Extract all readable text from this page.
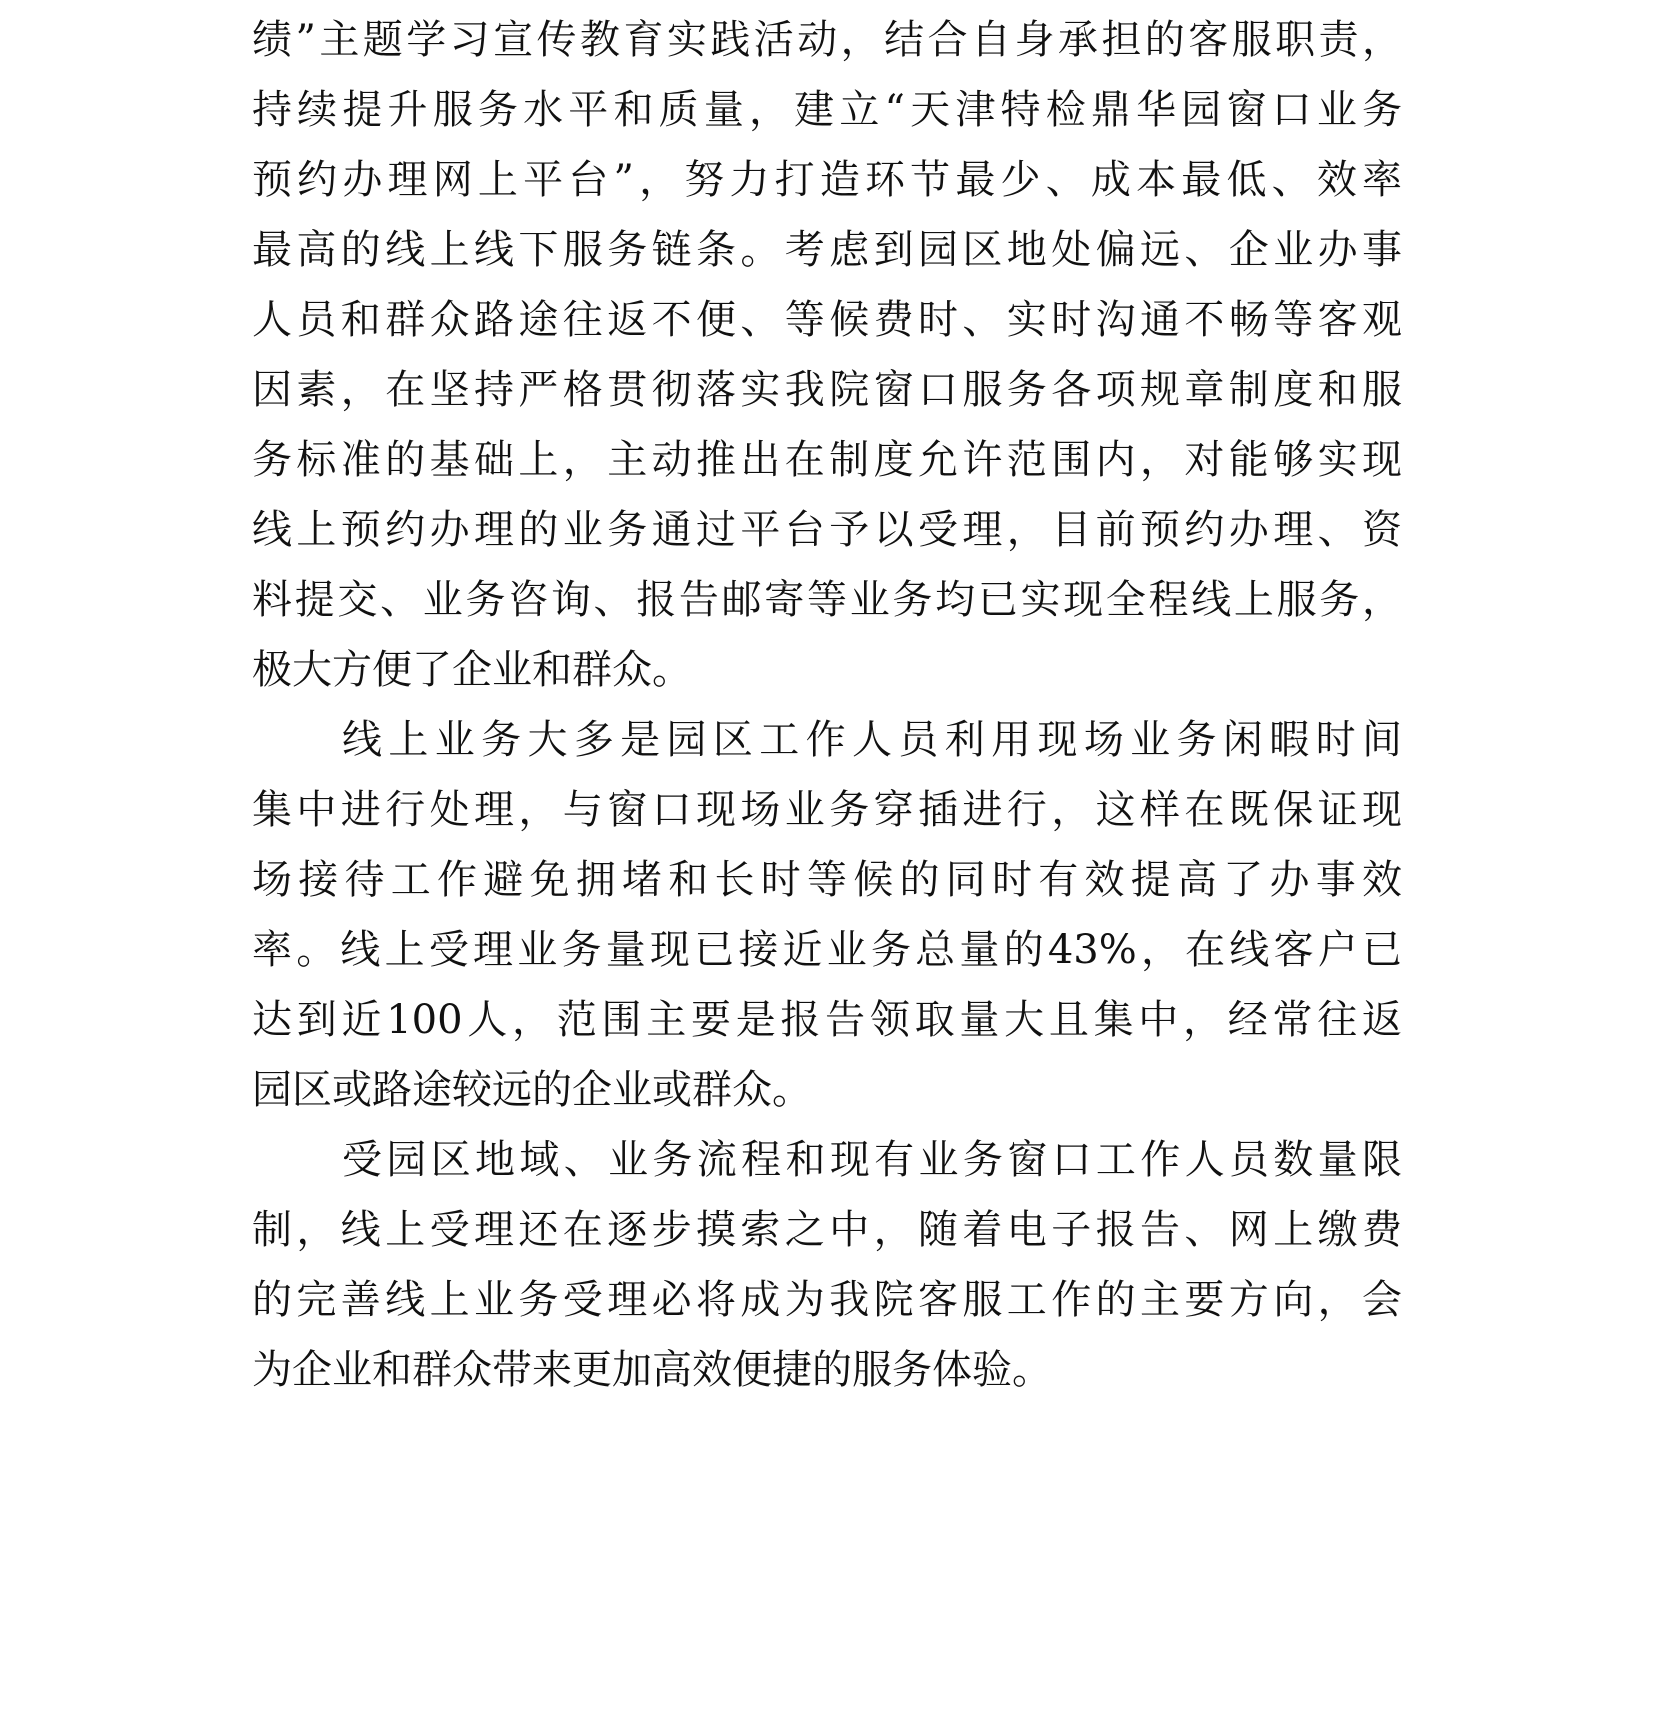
绩”主题学习宣传教育实践活动，结合自身承担的客服职责，
持续提升服务水平和质量，建立“天津特检鼎华园窗口业务
预约办理网上平台”，努力打造环节最少、成本最低、效率
最高的线上线下服务链条。考虑到园区地处偏远、企业办事
人员和群众路途往返不便、等候费时、实时沟通不畅等客观
因素，在坚持严格贯彻落实我院窗口服务各项规章制度和服
务标准的基础上，主动推出在制度允许范围内，对能够实现
线上预约办理的业务通过平台予以受理，目前预约办理、资
料提交、业务咨询、报告邮寄等业务均已实现全程线上服务，
极大方便了企业和群众。
线上业务大多是园区工作人员利用现场业务闲暇时间
集中进行处理，与窗口现场业务穿插进行，这样在既保证现
场接待工作避免拥堵和长时等候的同时有效提高了办事效
率。线上受理业务量现已接近业务总量的43%，在线客户已
达到近100人，范围主要是报告领取量大且集中，经常往返
园区或路途较远的企业或群众。
受园区地域、业务流程和现有业务窗口工作人员数量限
制，线上受理还在逐步摸索之中，随着电子报告、网上缴费
的完善线上业务受理必将成为我院客服工作的主要方向，会
为企业和群众带来更加高效便捷的服务体验。
